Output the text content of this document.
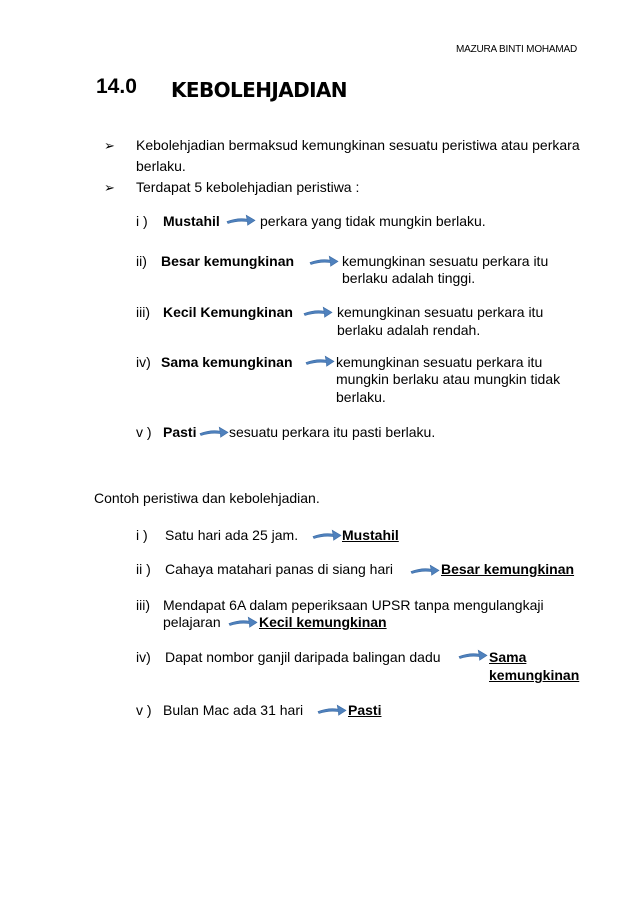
MAZURA BINTI MOHAMAD
14.0 KEBOLEHJADIAN
➢ Kebolehjadian bermaksud kemungkinan sesuatu peristiwa atau perkara
berlaku.
➢ Terdapat 5 kebolehjadian peristiwa :
i ) Mustahil	perkara yang tidak mungkin berlaku.
ii) Besar kemungkinan	kemungkinan sesuatu perkara itu
berlaku adalah tinggi.
iii) Kecil Kemungkinan	kemungkinan sesuatu perkara itu
berlaku adalah rendah.
iv) Sama kemungkinan	kemungkinan sesuatu perkara itu
mungkin berlaku atau mungkin tidak
berlaku.
v ) Pasti sesuatu perkara itu pasti berlaku.
Contoh peristiwa dan kebolehjadian.
i ) Satu hari ada 25 jam.	Mustahil
ii ) Cahaya matahari panas di siang hari	Besar kemungkinan
iii) Mendapat 6A dalam peperiksaan UPSR tanpa mengulangkaji
pelajaran	Kecil kemungkinan
iv) Dapat nombor ganjil daripada balingan dadu	Sama
kemungkinan
v ) Bulan Mac ada 31 hari	Pasti
